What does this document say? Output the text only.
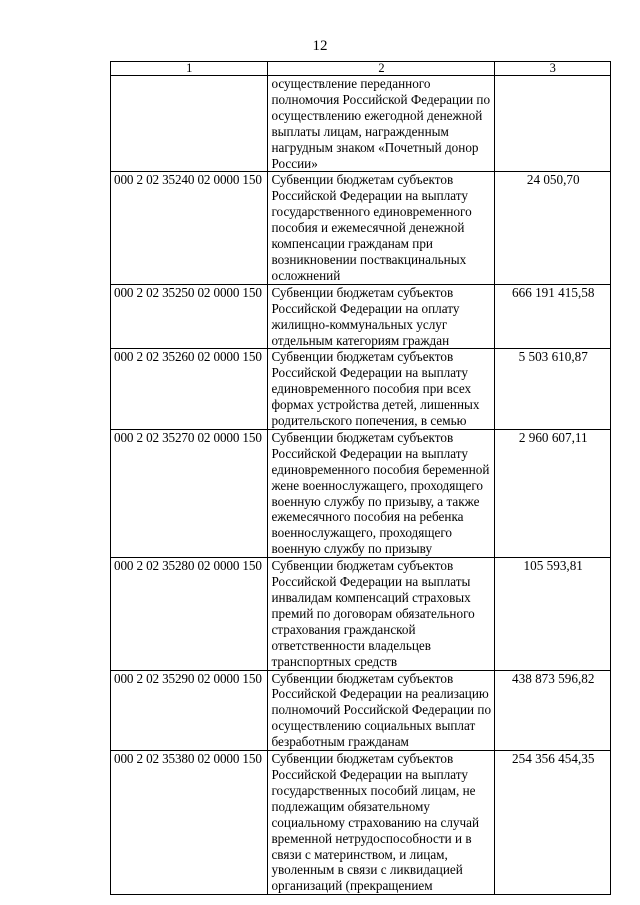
12
1	2	3
	осуществление переданного полномочия Российской Федерации по осуществлению ежегодной денежной выплаты лицам, награжденным нагрудным знаком «Почетный донор России»	
000 2 02 35240 02 0000 150	Субвенции бюджетам субъектов Российской Федерации на выплату государственного единовременного пособия и ежемесячной денежной компенсации гражданам при возникновении поствакцинальных осложнений	24 050,70
000 2 02 35250 02 0000 150	Субвенции бюджетам субъектов Российской Федерации на оплату жилищно-коммунальных услуг отдельным категориям граждан	666 191 415,58
000 2 02 35260 02 0000 150	Субвенции бюджетам субъектов Российской Федерации на выплату единовременного пособия при всех формах устройства детей, лишенных родительского попечения, в семью	5 503 610,87
000 2 02 35270 02 0000 150	Субвенции бюджетам субъектов Российской Федерации на выплату единовременного пособия беременной жене военнослужащего, проходящего военную службу по призыву, а также ежемесячного пособия на ребенка военнослужащего, проходящего военную службу по призыву	2 960 607,11
000 2 02 35280 02 0000 150	Субвенции бюджетам субъектов Российской Федерации на выплаты инвалидам компенсаций страховых премий по договорам обязательного страхования гражданской ответственности владельцев транспортных средств	105 593,81
000 2 02 35290 02 0000 150	Субвенции бюджетам субъектов Российской Федерации на реализацию полномочий Российской Федерации по осуществлению социальных выплат безработным гражданам	438 873 596,82
000 2 02 35380 02 0000 150	Субвенции бюджетам субъектов Российской Федерации на выплату государственных пособий лицам, не подлежащим обязательному социальному страхованию на случай временной нетрудоспособности и в связи с материнством, и лицам, уволенным в связи с ликвидацией организаций (прекращением	254 356 454,35
